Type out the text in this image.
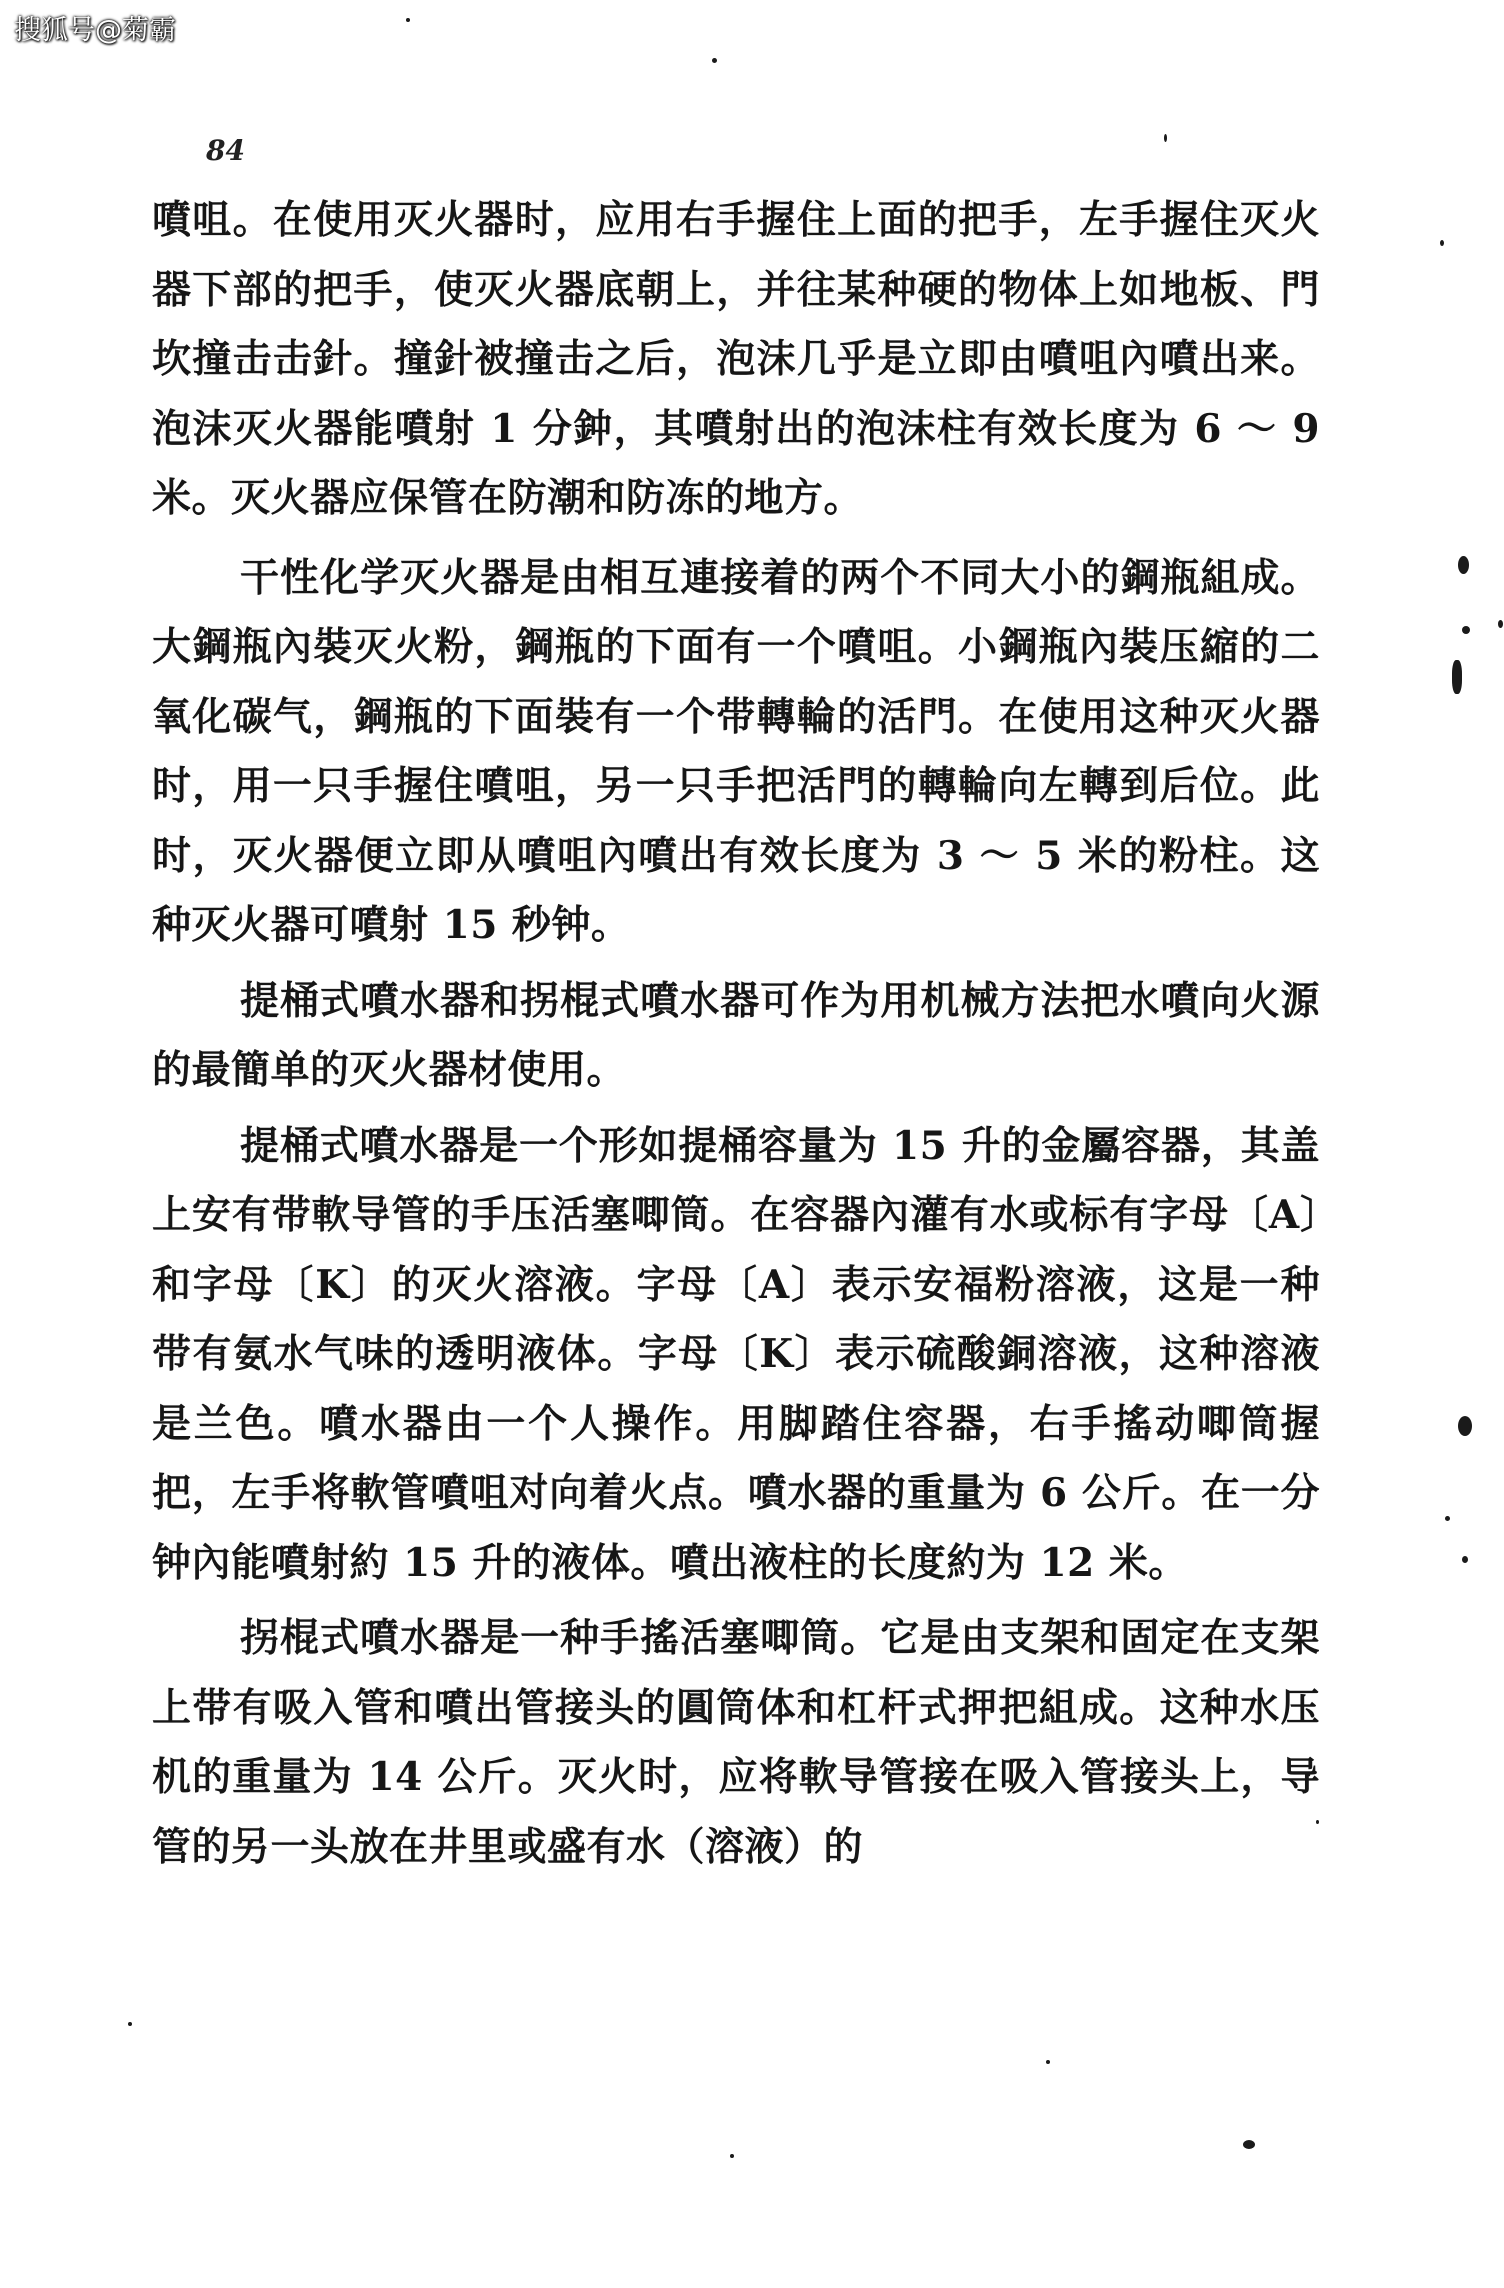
搜狐号@菊霸
84

噴咀。在使用灭火器时，应用右手握住上面的把手，左手握住灭火器下部的把手，使灭火器底朝上，并往某种硬的物体上如地板、門坎撞击击針。撞針被撞击之后，泡沫几乎是立即由噴咀內噴出来。泡沫灭火器能噴射 1 分鈡，其噴射出的泡沫柱有效长度为 6 ～ 9 米。灭火器应保管在防潮和防冻的地方。

干性化学灭火器是由相互連接着的两个不同大小的鋼瓶組成。大鋼瓶內裝灭火粉，鋼瓶的下面有一个噴咀。小鋼瓶內裝压縮的二氧化碳气，鋼瓶的下面裝有一个带轉輪的活門。在使用这种灭火器时，用一只手握住噴咀，另一只手把活門的轉輪向左轉到后位。此时，灭火器便立即从噴咀內噴出有效长度为 3 ～ 5 米的粉柱。这种灭火器可噴射 15 秒钟。

提桶式噴水器和拐棍式噴水器可作为用机械方法把水噴向火源的最簡单的灭火器材使用。

提桶式噴水器是一个形如提桶容量为 15 升的金屬容器，其盖上安有带軟导管的手压活塞唧筒。在容器內灌有水或标有字母〔A〕和字母〔K〕的灭火溶液。字母〔A〕表示安福粉溶液，这是一种带有氨水气味的透明液体。字母〔K〕表示硫酸銅溶液，这种溶液是兰色。噴水器由一个人操作。用脚踏住容器，右手搖动唧筒握把，左手将軟管噴咀对向着火点。噴水器的重量为 6 公斤。在一分钟內能噴射約 15 升的液体。噴出液柱的长度約为 12 米。

拐棍式噴水器是一种手搖活塞唧筒。它是由支架和固定在支架上带有吸入管和噴出管接头的圓筒体和杠杆式押把組成。这种水压机的重量为 14 公斤。灭火时，应将軟导管接在吸入管接头上，导管的另一头放在井里或盛有水（溶液）的
